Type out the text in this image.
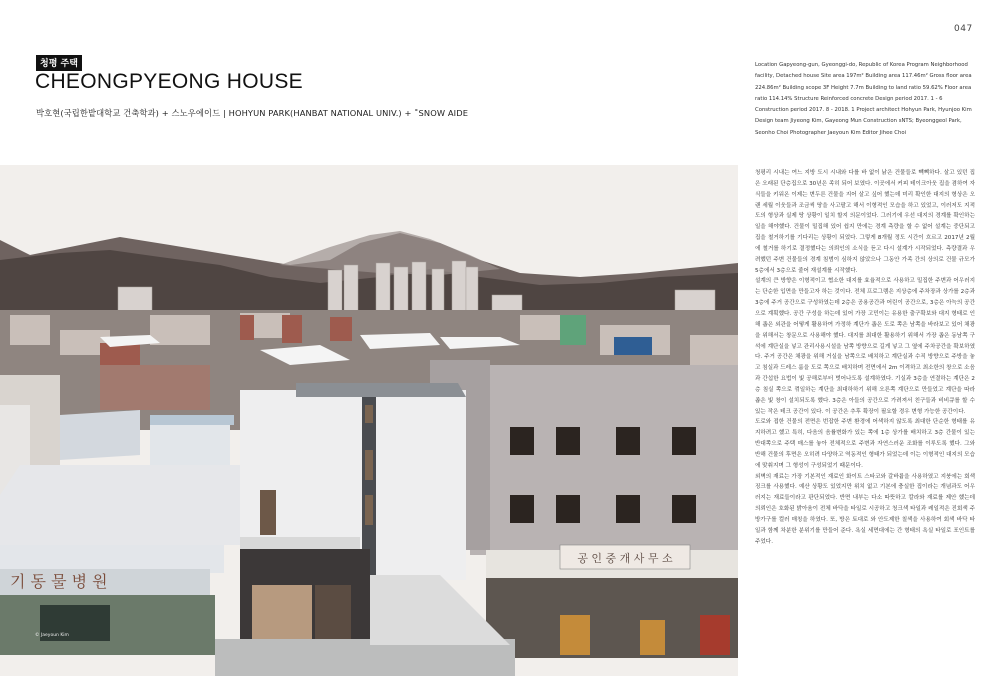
047
청평 주택
CHEONGPYEONG HOUSE
박호현(국립한밭대학교 건축학과) + 스노우에이드 | HOHYUN PARK(HANBAT NATIONAL UNIV.) + ˚SNOW AIDE
Location Gapyeong-gun, Gyeonggi-do, Republic of Korea Program Neighborhood facility, Detached house Site area 197m² Building area 117.46m² Gross floor area 224.86m² Building scope 3F Height 7.7m Building to land ratio 59.62% Floor area ratio 114.14% Structure Reinforced concrete Design period 2017. 1 - 6 Construction period 2017. 8 - 2018. 1 Project architect Hohyun Park, Hyunjoo Kim Design team Jiyeong Kim, Gayeong Mun Construction sNTS; Byeonggeol Park, Seonho Choi Photographer Jaeyoun Kim Editor Jihee Choi

청평리 시내는 여느 지방 도시 시내와 다를 바 없이 낡은 건물들로 빽빽하다. 살고 있던 집은 오래된 단층집으로 30년은 족히 되어 보였다. 이곳에서 커피 테이크아웃 집을 겸하여 자식들을 키워온 이제는 변두른 건물을 지어 살고 싶어 했는데 미리 확인한 대지의 형상은 오랜 세월 이웃들과 조금씩 땅을 사고팔고 해서 이형적인 모습을 하고 있었고, 이러저도 지적도의 형상과 실제 땅 상황이 일치 할지 의문이었다. 그러기에 우선 대지의 경계를 확인하는 일을 해야했다. 건물이 밀집해 있어 쉽지 만에는 경계 측량을 할 수 없어 설계는 중단되고 집을 철거하기를 기다리는 상황이 되었다. 그렇게 8개월 정도 시간이 흐르고 2017년 2월에 철거를 하기로 결정했다는 의뢰인의 소식을 듣고 다시 설계가 시작되었다. 측량결과 우려했던 주변 건물들의 경계 침범이 심하지 않았으나 그동안 가족 간의 상의로 건물 규모가 5층에서 3층으로 줄어 재설계를 시작했다.

설계의 큰 방향은 이형적이고 협소한 대지를 효율적으로 사용하고 밀집한 주변과 어우러지는 단순한 입면을 만들고자 하는 것이다. 전체 프로그램은 지상층에 주차장과 상가를 2층과 3층에 주거 공간으로 구성하였는데 2층은 공용공간과 어린이 공간으로, 3층은 아늑의 공간으로 계획했다. 공간 구성을 하는데 있어 가장 고민이는 유용한 출구확보와 대지 형태로 인해 좁은 외관을 어떻게 활용하여 가정하 계단가 좁은 도로 쪽은 남쪽을 바라보고 있어 채광을 위해서는 창문으로 사용해야 했다. 대지를 최대한 활용하기 위해서 가장 좁은 동남쪽 구석에 계단실을 넣고 관리사용시설을 남쪽 방향으로 길게 넣고 그 옆에 주차공간을 확보하였다. 주거 공간은 채광을 위해 거실을 남쪽으로 배치하고 계단실과 수직 방향으로 주방을 놓고 침실과 드레스 룸을 도로 쪽으로 배치하며 전면에서 2m 이격하고 최소한의 창으로 소음과 간섭한 요법이 빛 공해로부터 벗어나도록 설계하였다. 기실과 3층을 연결하는 계단은 2층 침실 쪽으로 꺾일하는 계단을 최대하하기 위해 오른쪽 계단으로 만들었고 계단을 따라 좁은 빛 창이 설치되도록 했다. 3층은 아들의 공간으로 가려져서 친구들과 비비큐를 할 수 있는 작은 테크 공간이 있다. 이 공간은 추후 확장이 필요할 경우 변형 가능한 공간이다.

도로와 접한 건물의 전면은 번잡한 주변 환경에 어색하지 않도록 최대한 단순한 형태를 유지하려고 했고 특히, 다음의 음률변화가 있는 쪽에 1층 상가를 배치하고 3층 간물이 있는 반대쪽으로 주택 매스를 놓아 전체적으로 주변과 자연스러운 조화를 이루도록 했다. 그와 반해 건물의 후면은 오히려 다양하고 역동적인 형태가 되었는데 이는 이형적인 대지의 모습에 맞춰지며 그 형성이 구성되었기 때문이다.

외벽의 재료는 가장 기본적인 재료인 화이트 스타코와 갈바륨을 사용하였고 지붕에는 회색 징크를 사용했다. 예산 상황도 있었지만 위치 없고 기본에 충실한 집이라는 개념과도 어우러지는 재료들이라고 판단되었다. 반면 내부는 다소 따뜻하고 칼라와 재료를 제안 했는데 의뢰인은 호화된 밝아움이 전체 바닥을 타일로 시공하고 청크색 타일과 레일적은 진회색 주방가구를 컬러 매칭을 하였다. 또, 방은 토대로 와 안도제한 칠색을 사용하여 회색 바닥 타일과 함께 차분한 분위기를 만들어 준다. 욕실 세면대에는 간 형태의 욕실 타일로 포인트를 주었다.

공 인 중 개 사 무 소
기 동 물 병 원
© Jaeyoun Kim
